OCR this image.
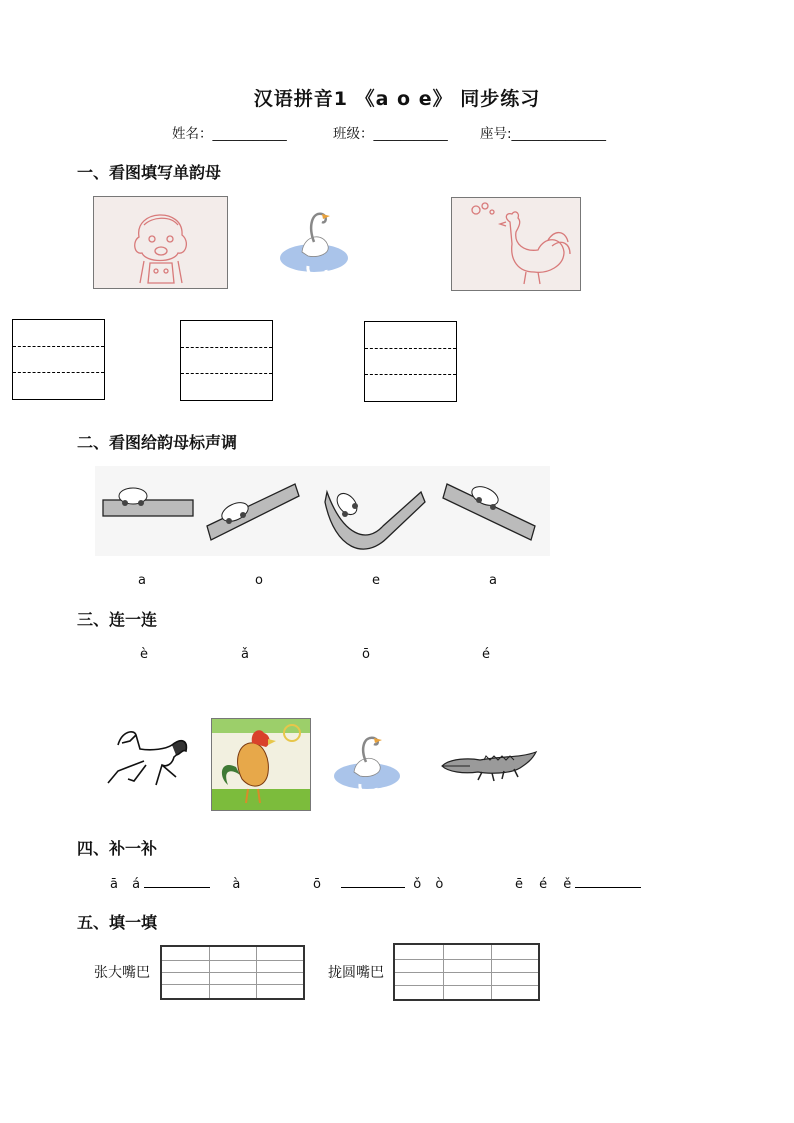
汉语拼音1 《a o e》 同步练习
姓名：___________	班级：___________ 座号:______________
一、看图填写单韵母
二、看图给韵母标声调
a	o	e	a
三、连一连
è	ǎ	ō	é
四、补一补
ā á	à	ō	ǒ ò	ē é ě
五、填一填
张大嘴巴	拢圆嘴巴
